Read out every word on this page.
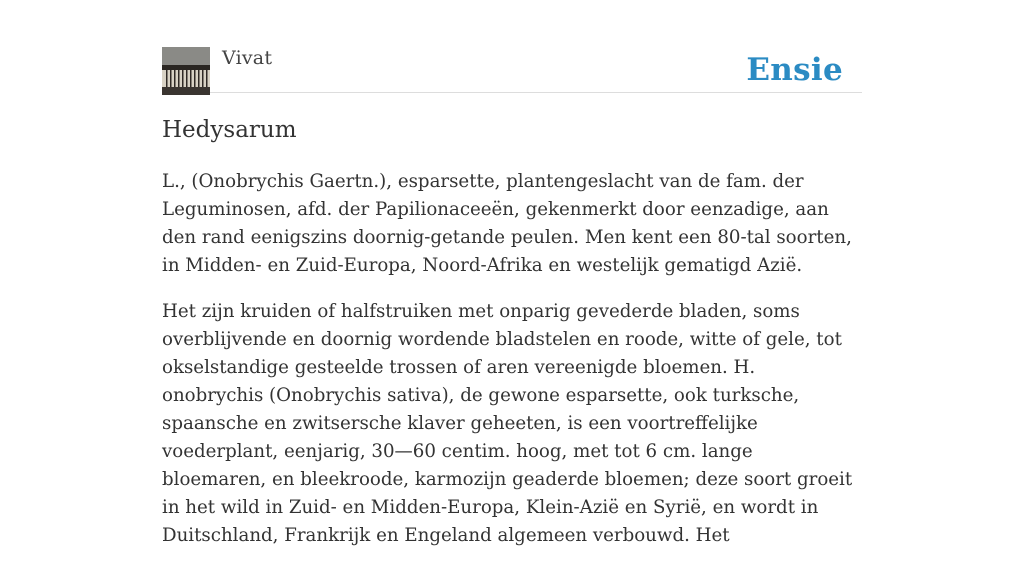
Vivat	Ensie
Hedysarum

L., (Onobrychis Gaertn.), esparsette, plantengeslacht van de fam. der Leguminosen, afd. der Papilionaceeën, gekenmerkt door eenzadige, aan den rand eenigszins doornig-getande peulen. Men kent een 80-tal soorten, in Midden- en Zuid-Europa, Noord-Afrika en westelijk gematigd Azië.

Het zijn kruiden of halfstruiken met onparig gevederde bladen, soms overblijvende en doornig wordende bladstelen en roode, witte of gele, tot okselstandige gesteelde trossen of aren vereenigde bloemen. H. onobrychis (Onobrychis sativa), de gewone esparsette, ook turksche, spaansche en zwitsersche klaver geheeten, is een voortreffelijke voederplant, eenjarig, 30—60 centim. hoog, met tot 6 cm. lange bloemaren, en bleekroode, karmozijn geaderde bloemen; deze soort groeit in het wild in Zuid- en Midden-Europa, Klein-Azië en Syrië, en wordt in Duitschland, Frankrijk en Engeland algemeen verbouwd. Het
